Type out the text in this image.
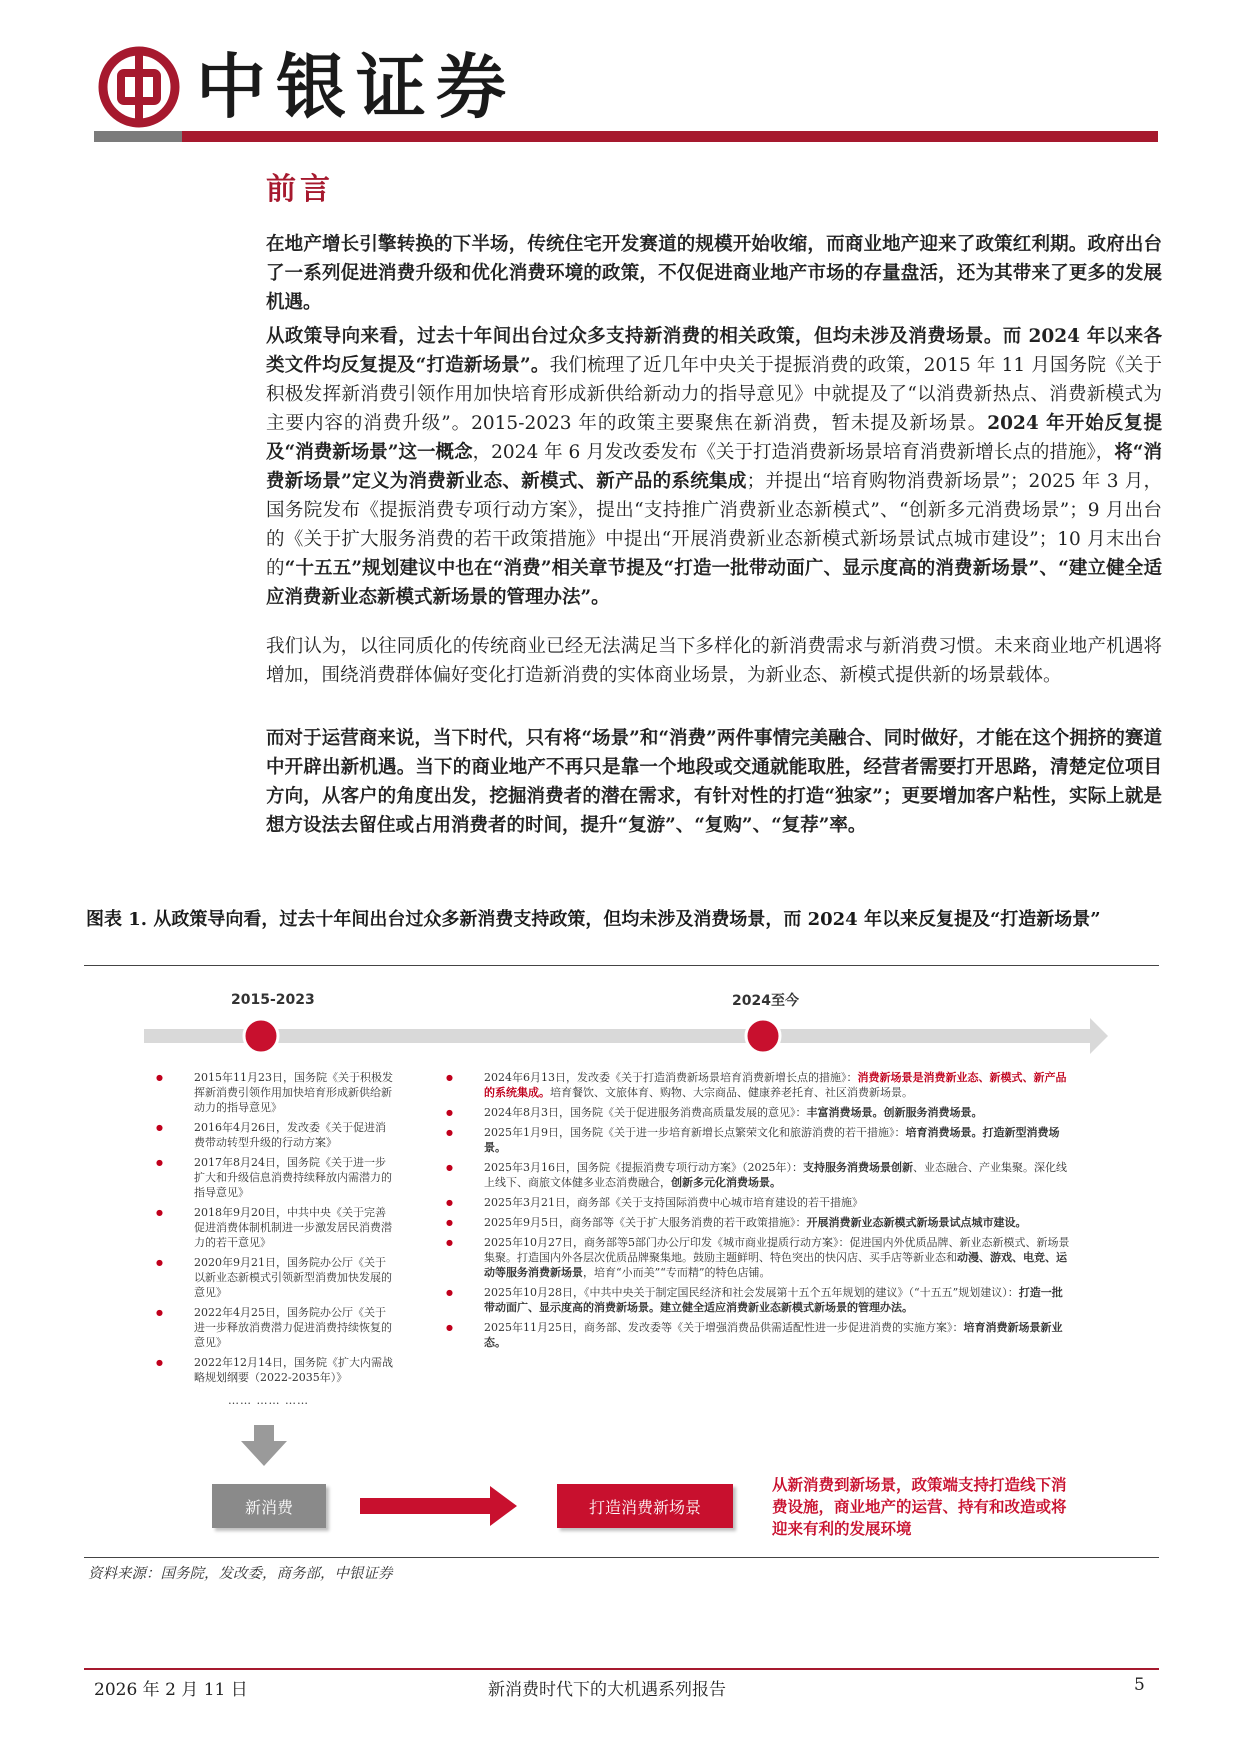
中银证券
前言
在地产增长引擎转换的下半场，传统住宅开发赛道的规模开始收缩，而商业地产迎来了政策红利期。政府出台了一系列促进消费升级和优化消费环境的政策，不仅促进商业地产市场的存量盘活，还为其带来了更多的发展机遇。
从政策导向来看，过去十年间出台过众多支持新消费的相关政策，但均未涉及消费场景。而 2024 年以来各类文件均反复提及“打造新场景”。我们梳理了近几年中央关于提振消费的政策，2015 年 11 月国务院《关于积极发挥新消费引领作用加快培育形成新供给新动力的指导意见》中就提及了“以消费新热点、消费新模式为主要内容的消费升级”。2015-2023 年的政策主要聚焦在新消费，暂未提及新场景。2024 年开始反复提及“消费新场景”这一概念，2024 年 6 月发改委发布《关于打造消费新场景培育消费新增长点的措施》，将“消费新场景”定义为消费新业态、新模式、新产品的系统集成；并提出“培育购物消费新场景”；2025 年 3 月，国务院发布《提振消费专项行动方案》，提出“支持推广消费新业态新模式”、“创新多元消费场景”；9 月出台的《关于扩大服务消费的若干政策措施》中提出“开展消费新业态新模式新场景试点城市建设”；10 月末出台的“十五五”规划建议中也在“消费”相关章节提及“打造一批带动面广、显示度高的消费新场景”、“建立健全适应消费新业态新模式新场景的管理办法”。
我们认为，以往同质化的传统商业已经无法满足当下多样化的新消费需求与新消费习惯。未来商业地产机遇将增加，围绕消费群体偏好变化打造新消费的实体商业场景，为新业态、新模式提供新的场景载体。
而对于运营商来说，当下时代，只有将“场景”和“消费”两件事情完美融合、同时做好，才能在这个拥挤的赛道中开辟出新机遇。当下的商业地产不再只是靠一个地段或交通就能取胜，经营者需要打开思路，清楚定位项目方向，从客户的角度出发，挖掘消费者的潜在需求，有针对性的打造“独家”；更要增加客户粘性，实际上就是想方设法去留住或占用消费者的时间，提升“复游”、“复购”、“复荐”率。
图表 1. 从政策导向看，过去十年间出台过众多新消费支持政策，但均未涉及消费场景，而 2024 年以来反复提及“打造新场景”
2015-2023	2024至今
● 2015年11月23日，国务院《关于积极发挥新消费引领作用加快培育形成新供给新动力的指导意见》
● 2016年4月26日，发改委《关于促进消费带动转型升级的行动方案》
● 2017年8月24日，国务院《关于进一步扩大和升级信息消费持续释放内需潜力的指导意见》
● 2018年9月20日，中共中央《关于完善促进消费体制机制进一步激发居民消费潜力的若干意见》
● 2020年9月21日，国务院办公厅《关于以新业态新模式引领新型消费加快发展的意见》
● 2022年4月25日，国务院办公厅《关于进一步释放消费潜力促进消费持续恢复的意见》
● 2022年12月14日，国务院《扩大内需战略规划纲要（2022-2035年）》
…… …… ……
● 2024年6月13日，发改委《关于打造消费新场景培育消费新增长点的措施》：消费新场景是消费新业态、新模式、新产品的系统集成。培育餐饮、文旅体育、购物、大宗商品、健康养老托育、社区消费新场景。
● 2024年8月3日，国务院《关于促进服务消费高质量发展的意见》：丰富消费场景。创新服务消费场景。
● 2025年1月9日，国务院《关于进一步培育新增长点繁荣文化和旅游消费的若干措施》：培育消费场景。打造新型消费场景。
● 2025年3月16日，国务院《提振消费专项行动方案》（2025年）：支持服务消费场景创新、业态融合、产业集聚。深化线上线下、商旅文体健多业态消费融合，创新多元化消费场景。
● 2025年3月21日，商务部《关于支持国际消费中心城市培育建设的若干措施》
● 2025年9月5日，商务部等《关于扩大服务消费的若干政策措施》：开展消费新业态新模式新场景试点城市建设。
● 2025年10月27日，商务部等5部门办公厅印发《城市商业提质行动方案》：促进国内外优质品牌、新业态新模式、新场景集聚。打造国内外各层次优质品牌聚集地。鼓励主题鲜明、特色突出的快闪店、买手店等新业态和动漫、游戏、电竞、运动等服务消费新场景，培育“小而美”“专而精”的特色店铺。
● 2025年10月28日，《中共中央关于制定国民经济和社会发展第十五个五年规划的建议》（“十五五”规划建议）：打造一批带动面广、显示度高的消费新场景。建立健全适应消费新业态新模式新场景的管理办法。
● 2025年11月25日，商务部、发改委等《关于增强消费品供需适配性进一步促进消费的实施方案》：培育消费新场景新业态。
新消费	打造消费新场景
从新消费到新场景，政策端支持打造线下消费设施，商业地产的运营、持有和改造或将迎来有利的发展环境
资料来源：国务院，发改委，商务部，中银证券
2026 年 2 月 11 日	新消费时代下的大机遇系列报告	5
